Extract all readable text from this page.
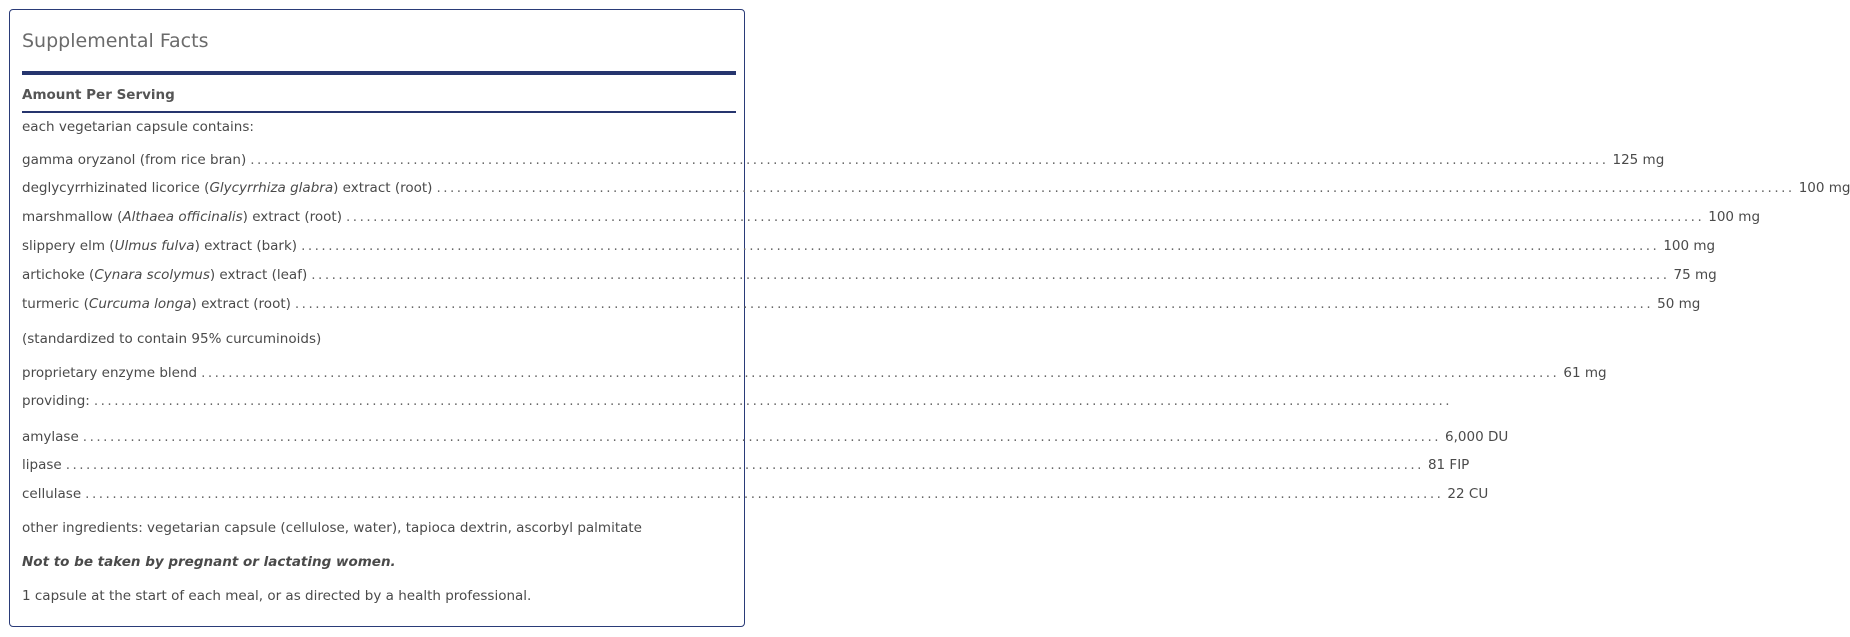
Supplemental Facts
Amount Per Serving
each vegetarian capsule contains:
gamma oryzanol (from rice bran) ........................................................................................................................................................................................................ 125 mg
deglycyrrhizinated licorice (Glycyrrhiza glabra) extract (root) ........................................................................................................................................................................................................ 100 mg
marshmallow (Althaea officinalis) extract (root) ........................................................................................................................................................................................................ 100 mg
slippery elm (Ulmus fulva) extract (bark) ........................................................................................................................................................................................................ 100 mg
artichoke (Cynara scolymus) extract (leaf) ........................................................................................................................................................................................................ 75 mg
turmeric (Curcuma longa) extract (root) ........................................................................................................................................................................................................ 50 mg
(standardized to contain 95% curcuminoids)
proprietary enzyme blend ........................................................................................................................................................................................................ 61 mg
providing: ........................................................................................................................................................................................................
amylase ........................................................................................................................................................................................................ 6,000 DU
lipase ........................................................................................................................................................................................................ 81 FIP
cellulase ........................................................................................................................................................................................................ 22 CU
other ingredients: vegetarian capsule (cellulose, water), tapioca dextrin, ascorbyl palmitate
Not to be taken by pregnant or lactating women.
1 capsule at the start of each meal, or as directed by a health professional.
